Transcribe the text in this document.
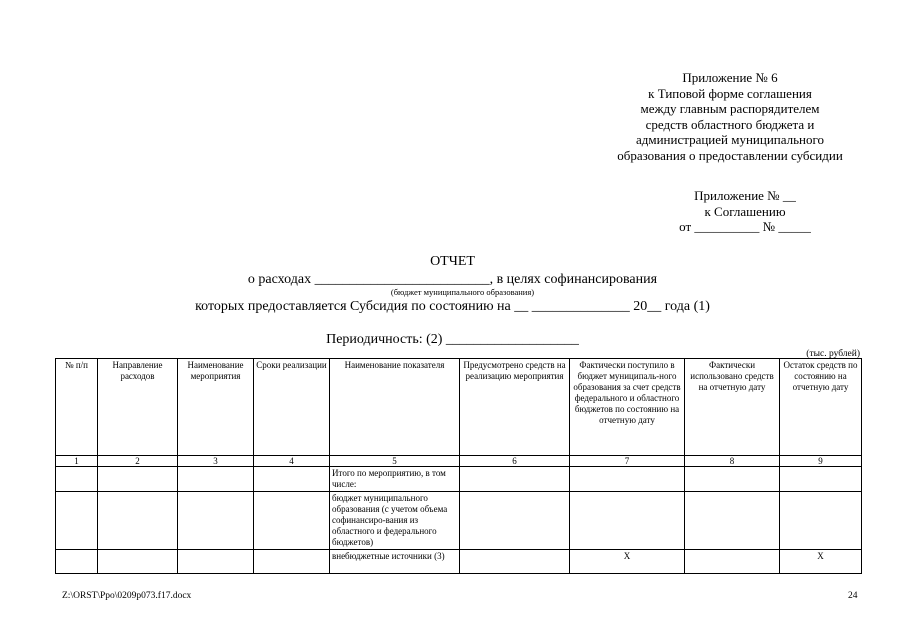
Приложение № 6
к Типовой форме соглашения
между главным распорядителем
средств областного бюджета и
администрацией муниципального
образования о предоставлении субсидии
Приложение № __
к Соглашению
от __________ № _____
ОТЧЕТ
о расходах _________________________, в целях софинансирования
(бюджет муниципального образования)
которых предоставляется Субсидия по состоянию на __ ______________ 20__ года (1)
Периодичность: (2) ___________________
(тыс. рублей)
№ п/п	Направление расходов	Наименование мероприятия	Сроки реализации	Наименование показателя	Предусмотрено средств на реализацию мероприятия	Фактически поступило в бюджет муниципаль-ного образования за счет средств федерального и областного бюджетов по состоянию на отчетную дату	Фактически использовано средств на отчетную дату	Остаток средств по состоянию на отчетную дату
1	2	3	4	5	6	7	8	9
				Итого по мероприятию, в том числе:				
				бюджет муниципального образования (с учетом объема софинансиро-вания из областного и федерального бюджетов)				
				внебюджетные источники (3)		X		X
Z:\ORST\Ppo\0209p073.f17.docx	24
